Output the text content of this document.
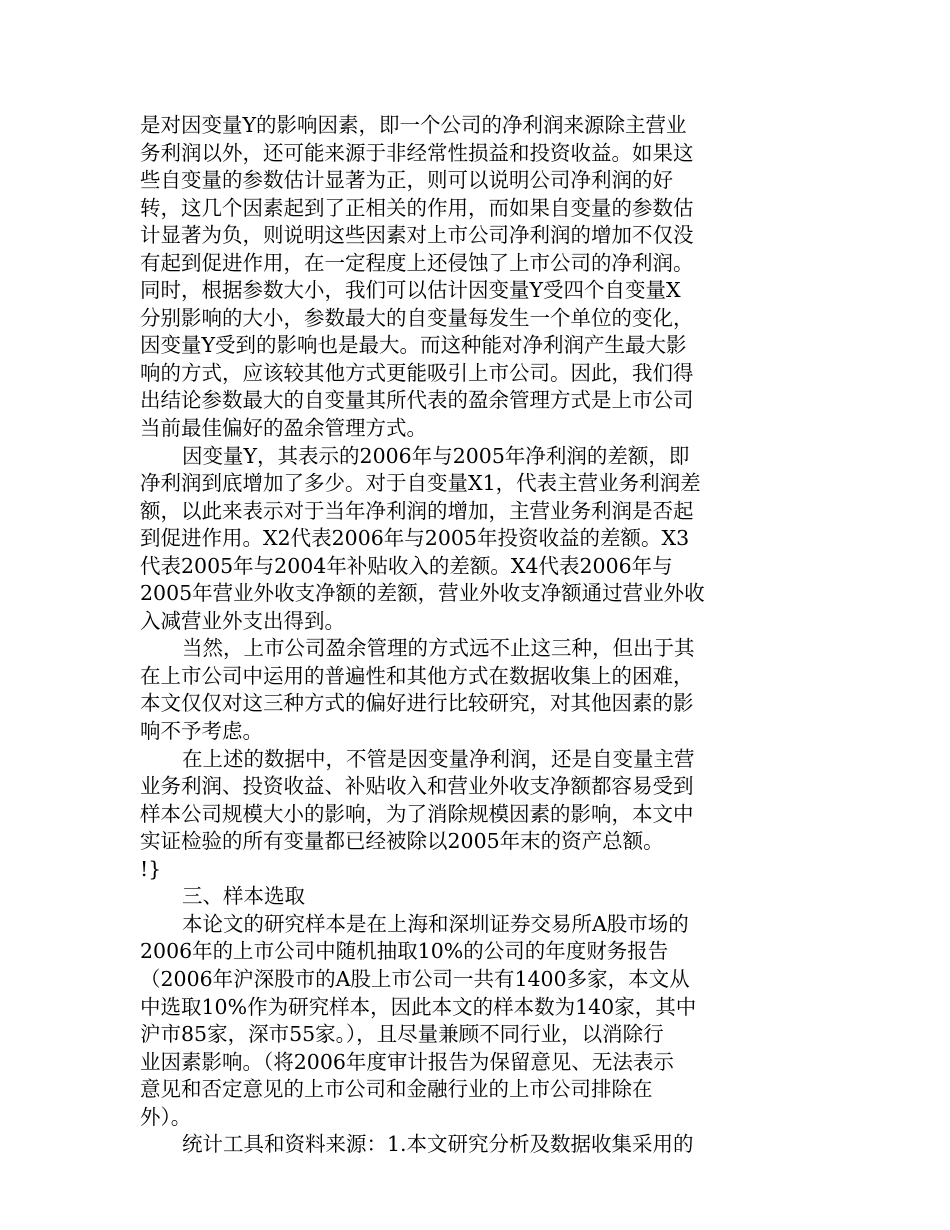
是对因变量Y的影响因素，即一个公司的净利润来源除主营业
务利润以外，还可能来源于非经常性损益和投资收益。如果这
些自变量的参数估计显著为正，则可以说明公司净利润的好
转，这几个因素起到了正相关的作用，而如果自变量的参数估
计显著为负，则说明这些因素对上市公司净利润的增加不仅没
有起到促进作用，在一定程度上还侵蚀了上市公司的净利润。
同时，根据参数大小，我们可以估计因变量Y受四个自变量X
分别影响的大小，参数最大的自变量每发生一个单位的变化，
因变量Y受到的影响也是最大。而这种能对净利润产生最大影
响的方式，应该较其他方式更能吸引上市公司。因此，我们得
出结论参数最大的自变量其所代表的盈余管理方式是上市公司
当前最佳偏好的盈余管理方式。
因变量Y，其表示的2006年与2005年净利润的差额，即
净利润到底增加了多少。对于自变量X1，代表主营业务利润差
额，以此来表示对于当年净利润的增加，主营业务利润是否起
到促进作用。X2代表2006年与2005年投资收益的差额。X3
代表2005年与2004年补贴收入的差额。X4代表2006年与
2005年营业外收支净额的差额，营业外收支净额通过营业外收
入减营业外支出得到。
当然，上市公司盈余管理的方式远不止这三种，但出于其
在上市公司中运用的普遍性和其他方式在数据收集上的困难，
本文仅仅对这三种方式的偏好进行比较研究，对其他因素的影
响不予考虑。
在上述的数据中，不管是因变量净利润，还是自变量主营
业务利润、投资收益、补贴收入和营业外收支净额都容易受到
样本公司规模大小的影响，为了消除规模因素的影响，本文中
实证检验的所有变量都已经被除以2005年末的资产总额。
!}
三、样本选取
本论文的研究样本是在上海和深圳证券交易所A股市场的
2006年的上市公司中随机抽取10%的公司的年度财务报告
（2006年沪深股市的A股上市公司一共有1400多家，本文从
中选取10%作为研究样本，因此本文的样本数为140家，其中
沪市85家，深市55家。），且尽量兼顾不同行业，以消除行
业因素影响。（将2006年度审计报告为保留意见、无法表示
意见和否定意见的上市公司和金融行业的上市公司排除在
外）。
统计工具和资料来源：1.本文研究分析及数据收集采用的
